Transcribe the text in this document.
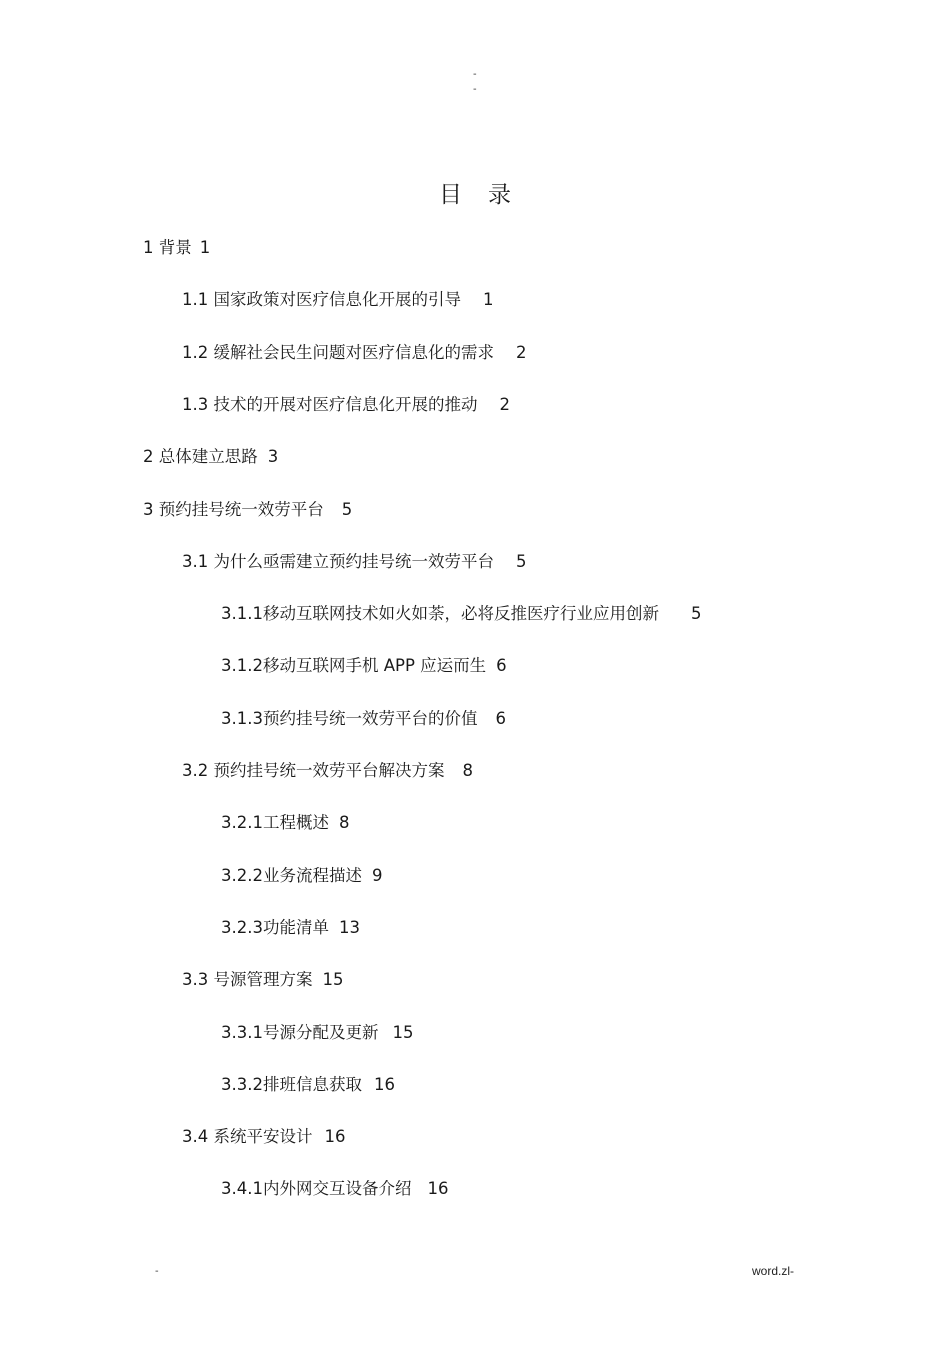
-
-
目录
1 背景 1
1.1 国家政策对医疗信息化开展的引导 1
1.2 缓解社会民生问题对医疗信息化的需求 2
1.3 技术的开展对医疗信息化开展的推动 2
2 总体建立思路 3
3 预约挂号统一效劳平台 5
3.1 为什么亟需建立预约挂号统一效劳平台 5
3.1.1移动互联网技术如火如荼，必将反推医疗行业应用创新 5
3.1.2移动互联网手机 APP 应运而生 6
3.1.3预约挂号统一效劳平台的价值 6
3.2 预约挂号统一效劳平台解决方案 8
3.2.1工程概述 8
3.2.2业务流程描述 9
3.2.3功能清单 13
3.3 号源管理方案 15
3.3.1号源分配及更新 15
3.3.2排班信息获取 16
3.4 系统平安设计 16
3.4.1内外网交互设备介绍 16
-	word.zl-
